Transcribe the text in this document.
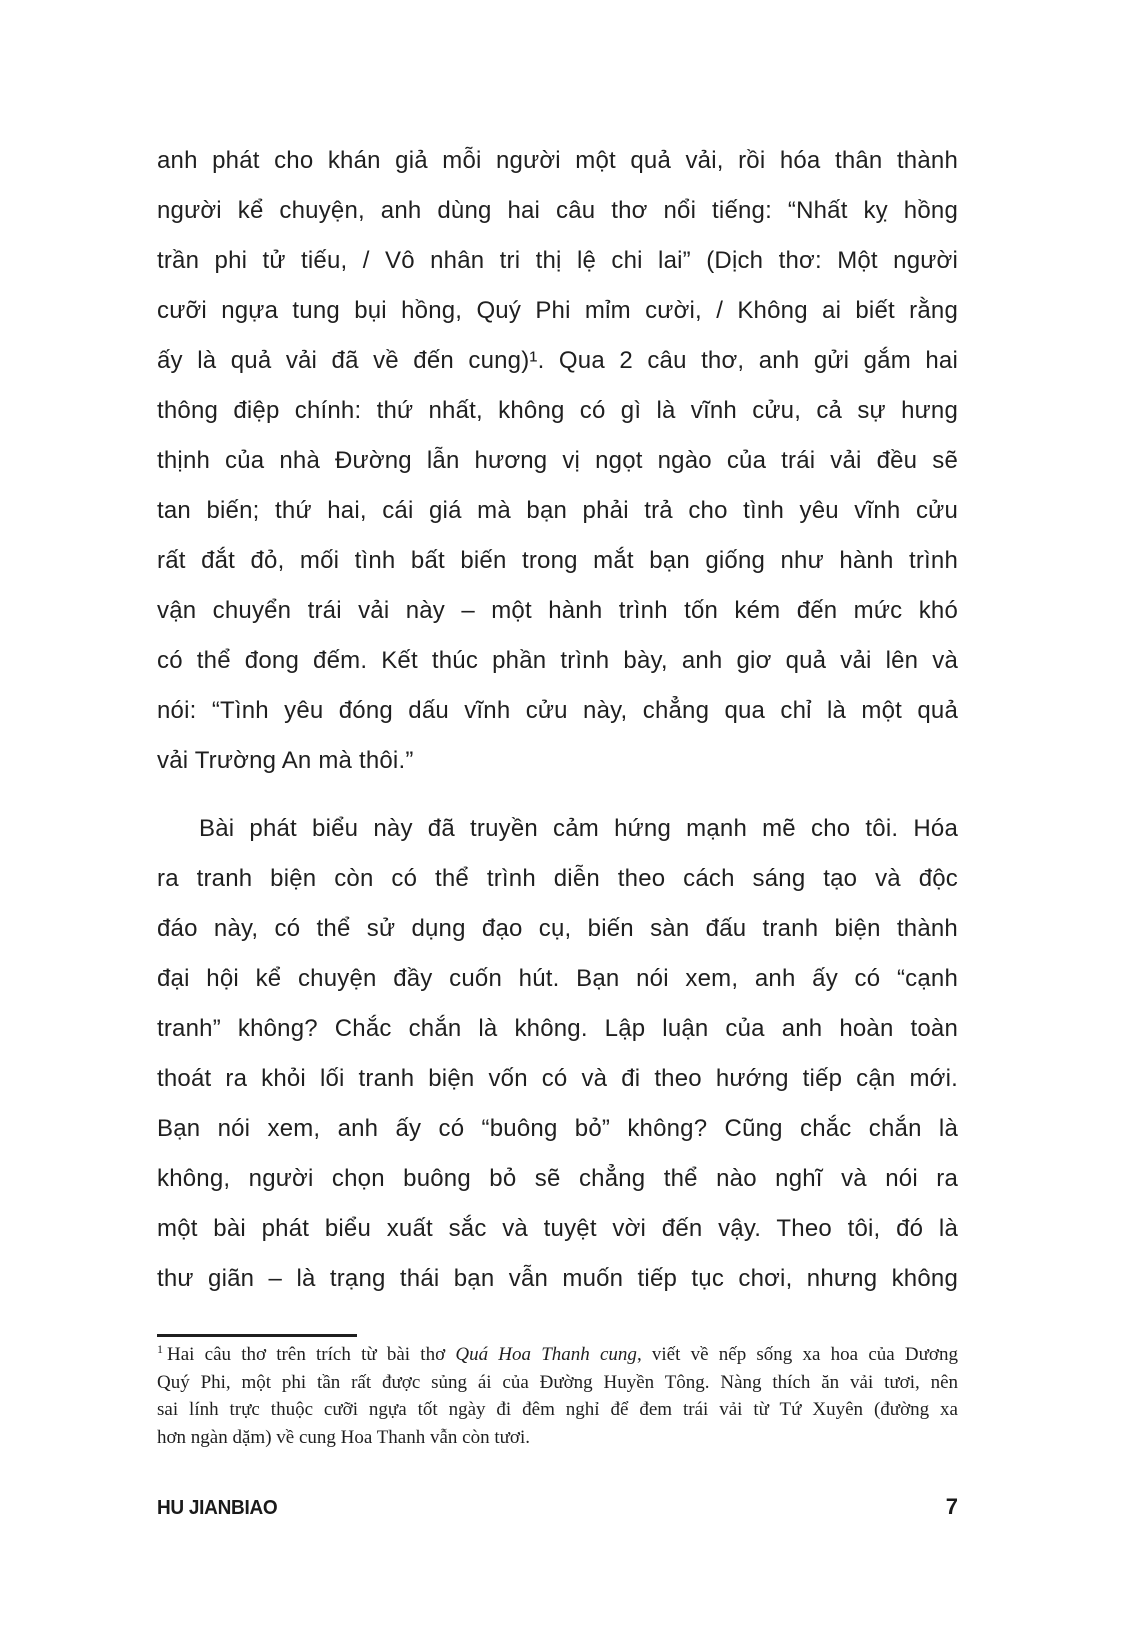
anh phát cho khán giả mỗi người một quả vải, rồi hóa thân thành
người kể chuyện, anh dùng hai câu thơ nổi tiếng: “Nhất kỵ hồng
trần phi tử tiếu, / Vô nhân tri thị lệ chi lai” (Dịch thơ: Một người
cưỡi ngựa tung bụi hồng, Quý Phi mỉm cười, / Không ai biết rằng
ấy là quả vải đã về đến cung)¹. Qua 2 câu thơ, anh gửi gắm hai
thông điệp chính: thứ nhất, không có gì là vĩnh cửu, cả sự hưng
thịnh của nhà Đường lẫn hương vị ngọt ngào của trái vải đều sẽ
tan biến; thứ hai, cái giá mà bạn phải trả cho tình yêu vĩnh cửu
rất đắt đỏ, mối tình bất biến trong mắt bạn giống như hành trình
vận chuyển trái vải này – một hành trình tốn kém đến mức khó
có thể đong đếm. Kết thúc phần trình bày, anh giơ quả vải lên và
nói: “Tình yêu đóng dấu vĩnh cửu này, chẳng qua chỉ là một quả
vải Trường An mà thôi.”
Bài phát biểu này đã truyền cảm hứng mạnh mẽ cho tôi. Hóa
ra tranh biện còn có thể trình diễn theo cách sáng tạo và độc
đáo này, có thể sử dụng đạo cụ, biến sàn đấu tranh biện thành
đại hội kể chuyện đầy cuốn hút. Bạn nói xem, anh ấy có “cạnh
tranh” không? Chắc chắn là không. Lập luận của anh hoàn toàn
thoát ra khỏi lối tranh biện vốn có và đi theo hướng tiếp cận mới.
Bạn nói xem, anh ấy có “buông bỏ” không? Cũng chắc chắn là
không, người chọn buông bỏ sẽ chẳng thể nào nghĩ và nói ra
một bài phát biểu xuất sắc và tuyệt vời đến vậy. Theo tôi, đó là
thư giãn – là trạng thái bạn vẫn muốn tiếp tục chơi, nhưng không
$^1$ Hai câu thơ trên trích từ bài thơ Quá Hoa Thanh cung, viết về nếp sống xa hoa của Dương
Quý Phi, một phi tần rất được sủng ái của Đường Huyền Tông. Nàng thích ăn vải tươi, nên
sai lính trực thuộc cưỡi ngựa tốt ngày đi đêm nghỉ để đem trái vải từ Tứ Xuyên (đường xa
hơn ngàn dặm) về cung Hoa Thanh vẫn còn tươi.
HU JIANBIAO	7
